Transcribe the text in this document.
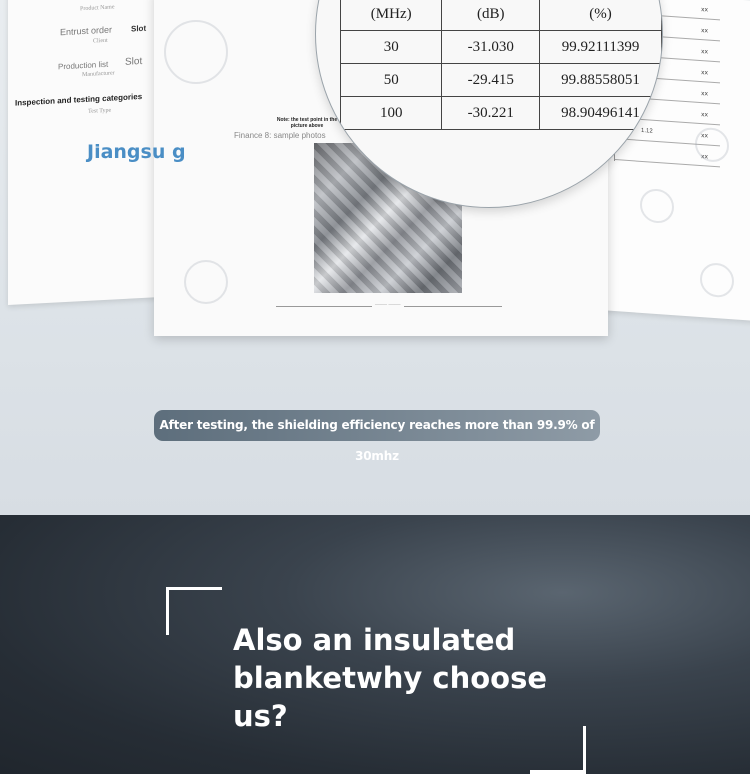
Product Name
Entrust order Slot
Client
Production list Slot
Manufacturer
Inspection and testing categories
Test Type
ⅹⅹ
ⅹⅹ
ⅹⅹ
ⅹⅹ
ⅹⅹ
ⅹⅹ
1.12
ⅹⅹ
ⅹⅹ
Note: the test point in the picture above
Finance 8: sample photos
―― ――
Jiangsu g
(MHz)	(dB)	(%)
30	-31.030	99.92111399
50	-29.415	99.88558051
100	-30.221	98.90496141
After testing, the shielding efficiency reaches more than 99.9% of 30mhz
Also an insulated blanketwhy choose us?
